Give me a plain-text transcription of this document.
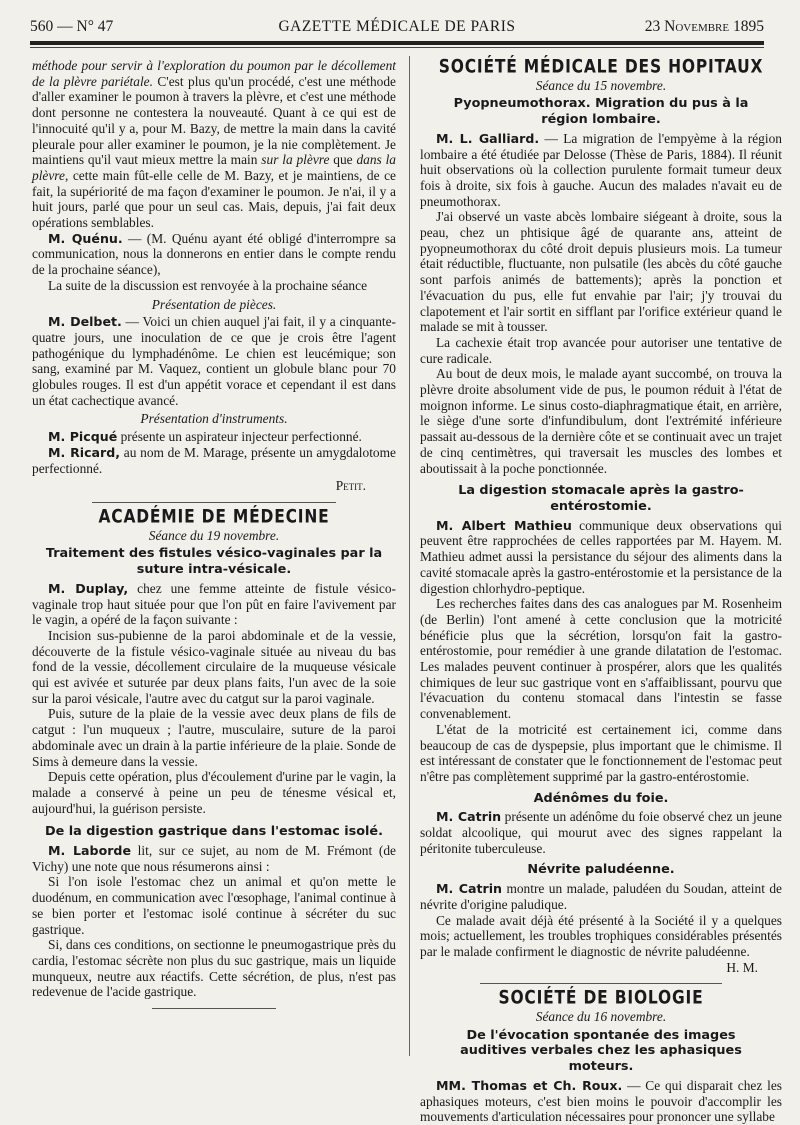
560 — N° 47	GAZETTE MÉDICALE DE PARIS	23 Novembre 1895

méthode pour servir à l'exploration du poumon par le décollement de la plèvre pariétale. C'est plus qu'un procédé, c'est une méthode d'aller examiner le poumon à travers la plèvre, et c'est une méthode dont personne ne contestera la nouveauté. Quant à ce qui est de l'innocuité qu'il y a, pour M. Bazy, de mettre la main dans la cavité pleurale pour aller examiner le poumon, je la nie complètement. Je maintiens qu'il vaut mieux mettre la main sur la plèvre que dans la plèvre, cette main fût-elle celle de M. Bazy, et je maintiens, de ce fait, la supériorité de ma façon d'examiner le poumon. Je n'ai, il y a huit jours, parlé que pour un seul cas. Mais, depuis, j'ai fait deux opérations semblables.

M. Quénu. — (M. Quénu ayant été obligé d'interrompre sa communication, nous la donnerons en entier dans le compte rendu de la prochaine séance),

La suite de la discussion est renvoyée à la prochaine séance

Présentation de pièces.

M. Delbet. — Voici un chien auquel j'ai fait, il y a cinquante-quatre jours, une inoculation de ce que je crois être l'agent pathogénique du lymphadénôme. Le chien est leucémique; son sang, examiné par M. Vaquez, contient un globule blanc pour 70 globules rouges. Il est d'un appétit vorace et cependant il est dans un état cachectique avancé.

Présentation d'instruments.

M. Picqué présente un aspirateur injecteur perfectionné.

M. Ricard, au nom de M. Marage, présente un amygdalotome perfectionné.

Petit.

ACADÉMIE DE MÉDECINE

Séance du 19 novembre.

Traitement des fistules vésico-vaginales par la suture intra-vésicale.

M. Duplay, chez une femme atteinte de fistule vésico-vaginale trop haut située pour que l'on pût en faire l'avivement par le vagin, a opéré de la façon suivante :

Incision sus-pubienne de la paroi abdominale et de la vessie, découverte de la fistule vésico-vaginale située au niveau du bas fond de la vessie, décollement circulaire de la muqueuse vésicale qui est avivée et suturée par deux plans faits, l'un avec de la soie sur la paroi vésicale, l'autre avec du catgut sur la paroi vaginale.

Puis, suture de la plaie de la vessie avec deux plans de fils de catgut : l'un muqueux ; l'autre, musculaire, suture de la paroi abdominale avec un drain à la partie inférieure de la plaie. Sonde de Sims à demeure dans la vessie.

Depuis cette opération, plus d'écoulement d'urine par le vagin, la malade a conservé à peine un peu de ténesme vésical et, aujourd'hui, la guérison persiste.

De la digestion gastrique dans l'estomac isolé.

M. Laborde lit, sur ce sujet, au nom de M. Frémont (de Vichy) une note que nous résumerons ainsi :

Si l'on isole l'estomac chez un animal et qu'on mette le duodénum, en communication avec l'œsophage, l'animal continue à se bien porter et l'estomac isolé continue à sécréter du suc gastrique.

Si, dans ces conditions, on sectionne le pneumogastrique près du cardia, l'estomac sécrète non plus du suc gastrique, mais un liquide munqueux, neutre aux réactifs. Cette sécrétion, de plus, n'est pas redevenue de l'acide gastrique.

SOCIÉTÉ MÉDICALE DES HOPITAUX

Séance du 15 novembre.

Pyopneumothorax. Migration du pus à la région lombaire.

M. L. Galliard. — La migration de l'empyème à la région lombaire a été étudiée par Delosse (Thèse de Paris, 1884). Il réunit huit observations où la collection purulente formait tumeur deux fois à droite, six fois à gauche. Aucun des malades n'avait eu de pneumothorax.

J'ai observé un vaste abcès lombaire siégeant à droite, sous la peau, chez un phtisique âgé de quarante ans, atteint de pyopneumothorax du côté droit depuis plusieurs mois. La tumeur était réductible, fluctuante, non pulsatile (les abcès du côté gauche sont parfois animés de battements); après la ponction et l'évacuation du pus, elle fut envahie par l'air; j'y trouvai du clapotement et l'air sortit en sifflant par l'orifice extérieur quand le malade se mit à tousser.

La cachexie était trop avancée pour autoriser une tentative de cure radicale.

Au bout de deux mois, le malade ayant succombé, on trouva la plèvre droite absolument vide de pus, le poumon réduit à l'état de moignon informe. Le sinus costo-diaphragmatique était, en arrière, le siège d'une sorte d'infundibulum, dont l'extrémité inférieure passait au-dessous de la dernière côte et se continuait avec un trajet de cinq centimètres, qui traversait les muscles des lombes et aboutissait à la poche ponctionnée.

La digestion stomacale après la gastro-entérostomie.

M. Albert Mathieu communique deux observations qui peuvent être rapprochées de celles rapportées par M. Hayem. M. Mathieu admet aussi la persistance du séjour des aliments dans la cavité stomacale après la gastro-entérostomie et la persistance de la digestion chlorhydro-peptique.

Les recherches faites dans des cas analogues par M. Rosenheim (de Berlin) l'ont amené à cette conclusion que la motricité bénéficie plus que la sécrétion, lorsqu'on fait la gastro-entérostomie, pour remédier à une grande dilatation de l'estomac. Les malades peuvent continuer à prospérer, alors que les qualités chimiques de leur suc gastrique vont en s'affaiblissant, pourvu que l'évacuation du contenu stomacal dans l'intestin se fasse convenablement.

L'état de la motricité est certainement ici, comme dans beaucoup de cas de dyspepsie, plus important que le chimisme. Il est intéressant de constater que le fonctionnement de l'estomac peut n'être pas complètement supprimé par la gastro-entérostomie.

Adénômes du foie.

M. Catrin présente un adénôme du foie observé chez un jeune soldat alcoolique, qui mourut avec des signes rappelant la péritonite tuberculeuse.

Névrite paludéenne.

M. Catrin montre un malade, paludéen du Soudan, atteint de névrite d'origine paludique.

Ce malade avait déjà été présenté à la Société il y a quelques mois; actuellement, les troubles trophiques considérables présentés par le malade confirment le diagnostic de névrite paludéenne.

H. M.

SOCIÉTÉ DE BIOLOGIE

Séance du 16 novembre.

De l'évocation spontanée des images auditives verbales chez les aphasiques moteurs.

MM. Thomas et Ch. Roux. — Ce qui disparait chez les aphasiques moteurs, c'est bien moins le pouvoir d'accomplir les mouvements d'articulation nécessaires pour prononcer une syllabe
